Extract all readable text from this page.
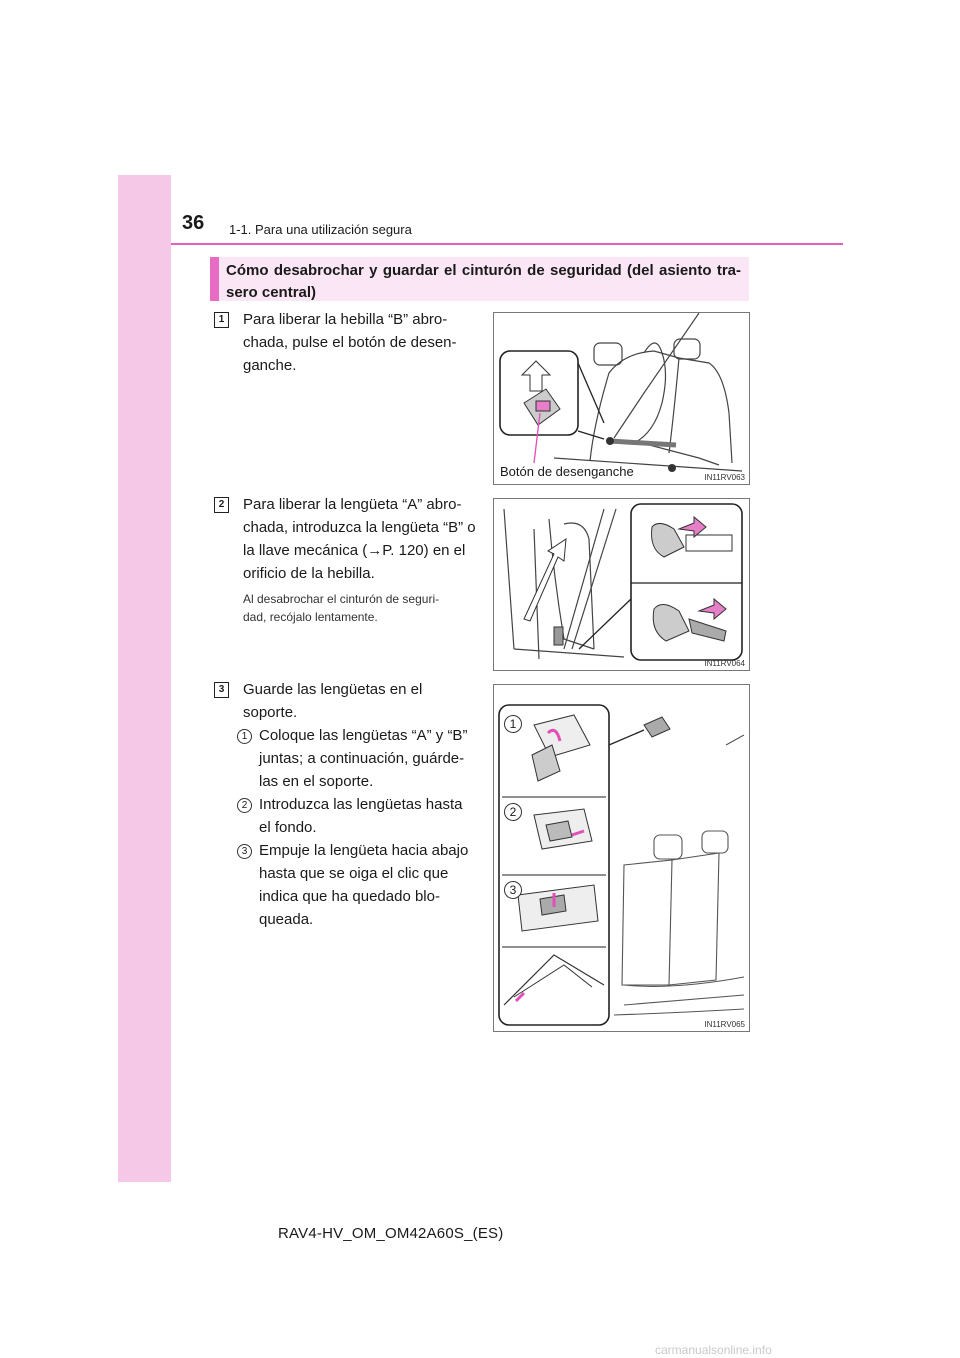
36 1-1. Para una utilización segura
Cómo desabrochar y guardar el cinturón de seguridad (del asiento tra- sero central)
1	Para liberar la hebilla “B” abro-
chada, pulse el botón de desen-
ganche.
Botón de desenganche	IN11RV063
2	Para liberar la lengüeta “A” abro-
chada, introduzca la lengüeta “B” o
la llave mecánica (→P. 120) en el
orificio de la hebilla.
Al desabrochar el cinturón de seguri-
dad, recójalo lentamente.
IN11RV064
3	Guarde las lengüetas en el
soporte.
1 Coloque las lengüetas “A” y “B”
juntas; a continuación, guárde-
las en el soporte.
2 Introduzca las lengüetas hasta
el fondo.
3 Empuje la lengüeta hacia abajo
hasta que se oiga el clic que
indica que ha quedado blo-
queada.
1
2
3
IN11RV065
RAV4-HV_OM_OM42A60S_(ES)
carmanualsonline.info
